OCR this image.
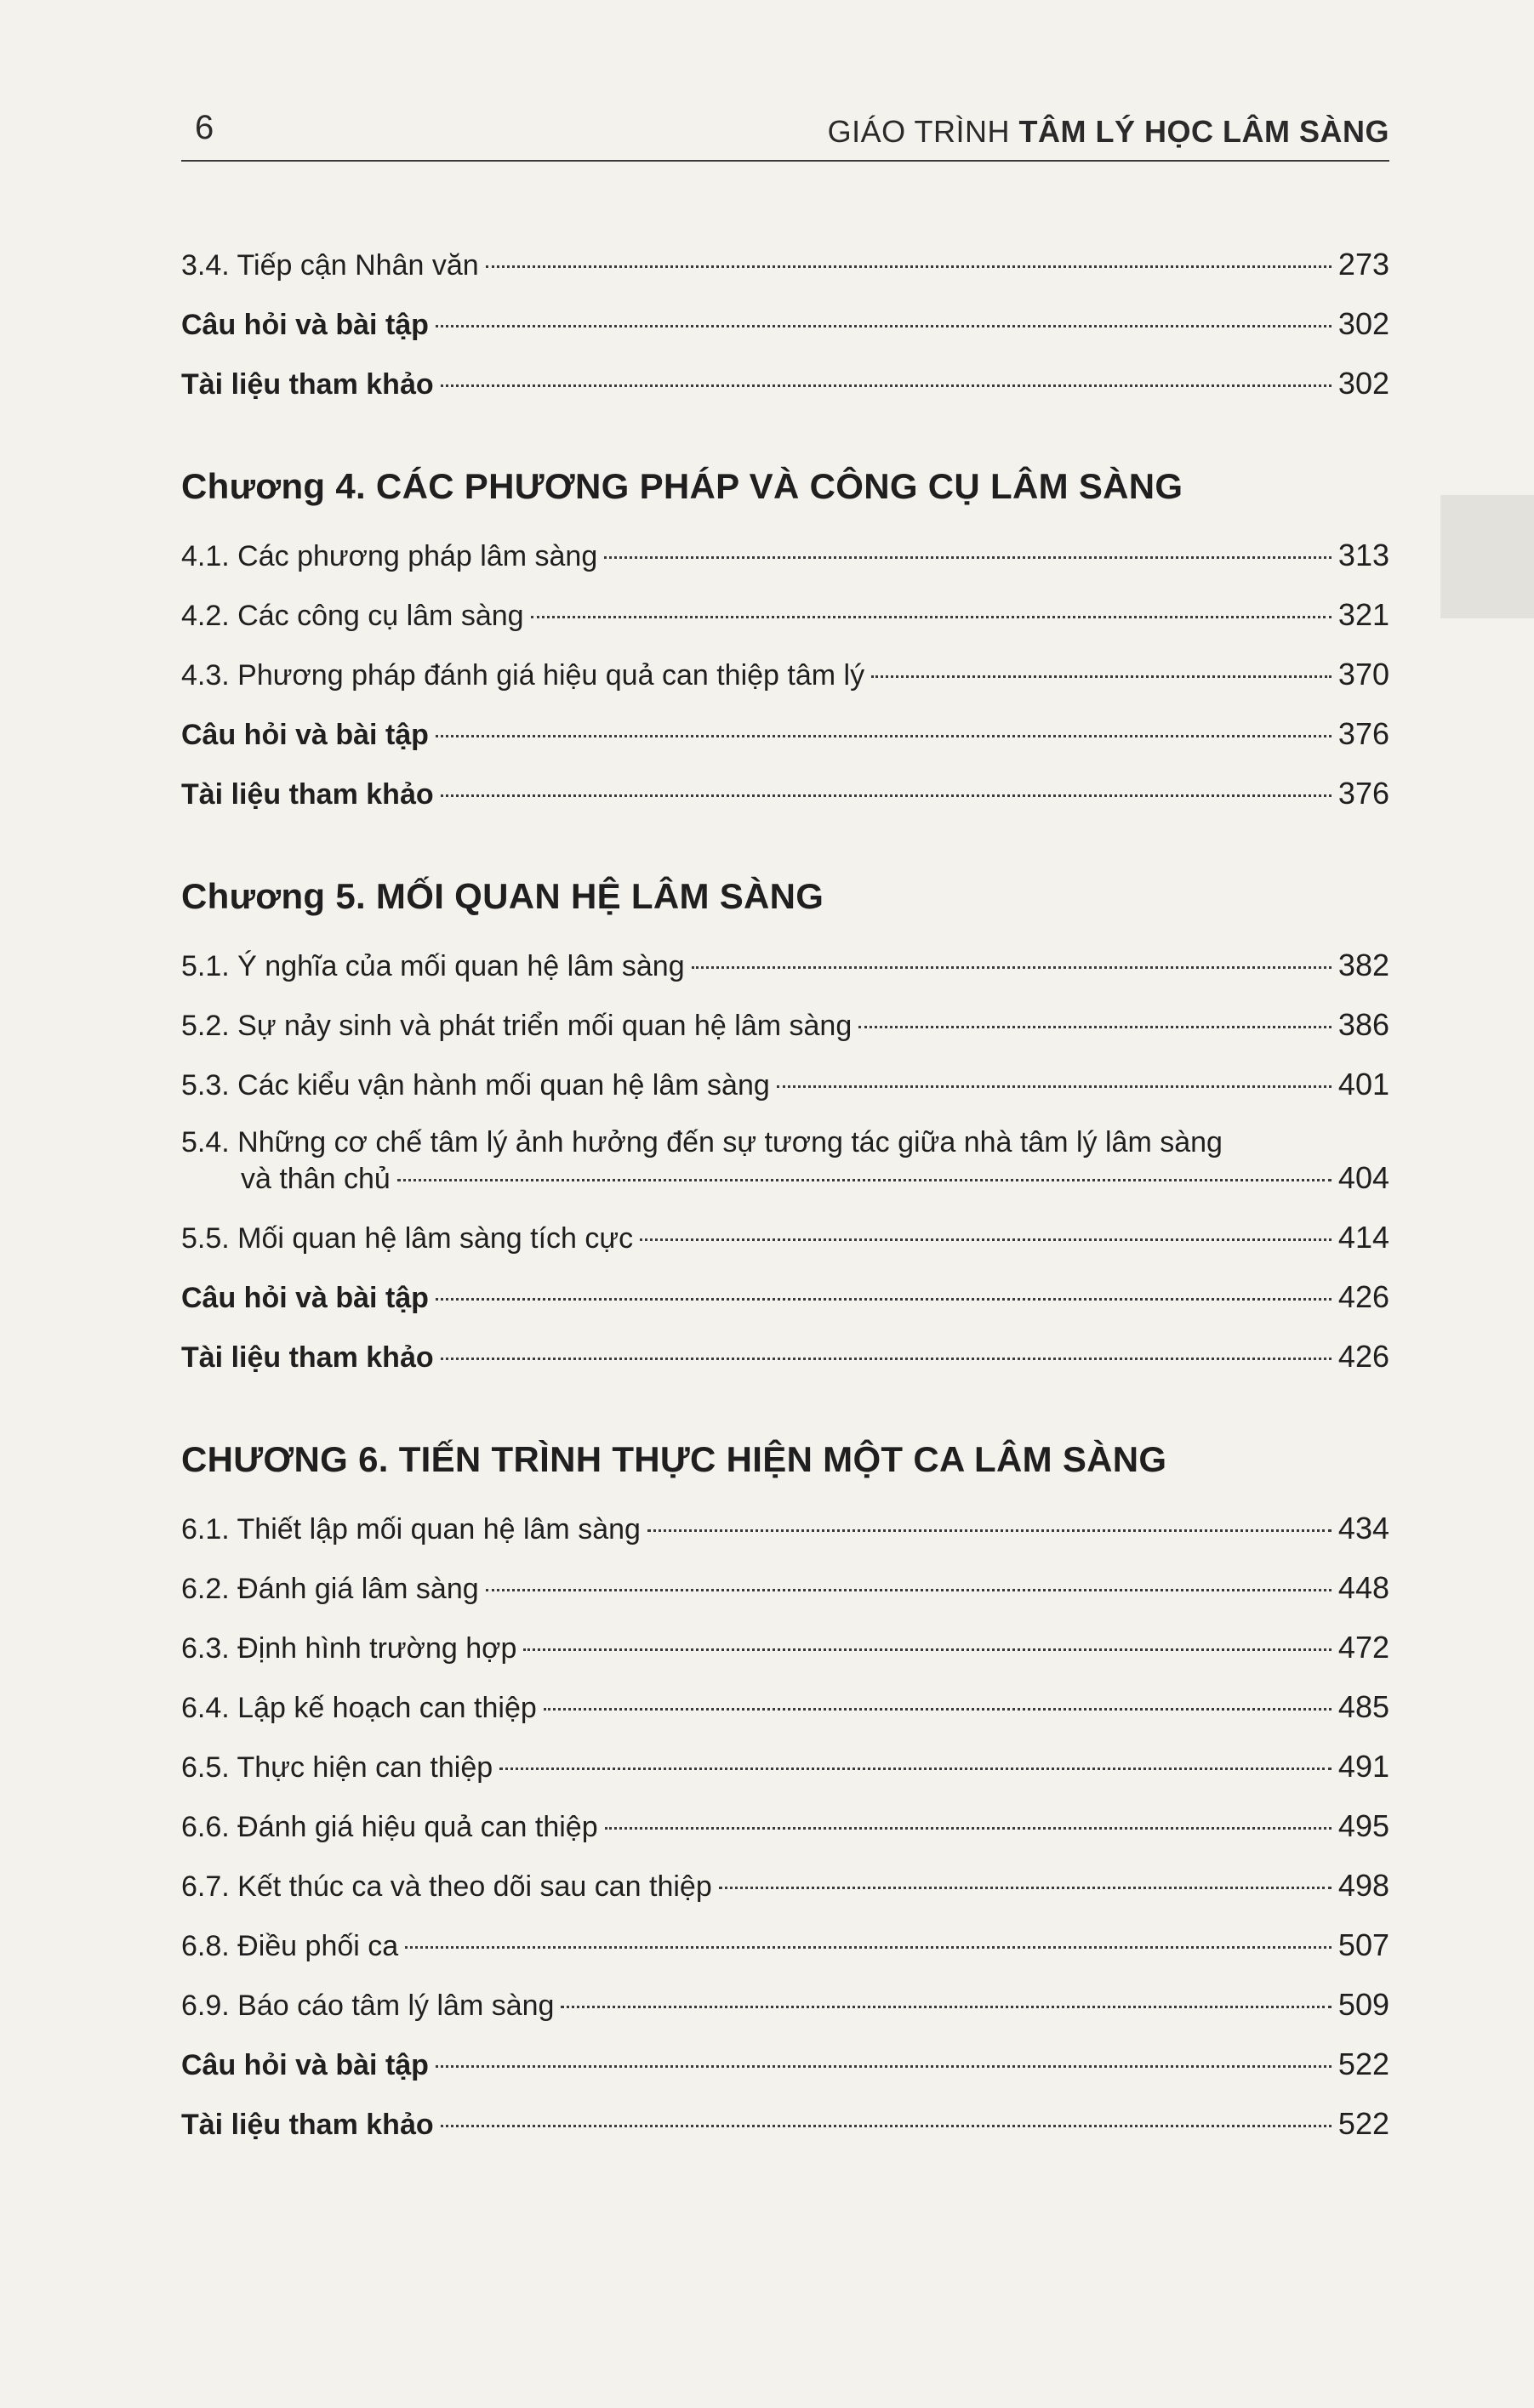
6	GIÁO TRÌNH TÂM LÝ HỌC LÂM SÀNG
3.4. Tiếp cận Nhân văn	273
Câu hỏi và bài tập	302
Tài liệu tham khảo	302
Chương 4. CÁC PHƯƠNG PHÁP VÀ CÔNG CỤ LÂM SÀNG
4.1. Các phương pháp lâm sàng	313
4.2. Các công cụ lâm sàng	321
4.3. Phương pháp đánh giá hiệu quả can thiệp tâm lý	370
Câu hỏi và bài tập	376
Tài liệu tham khảo	376
Chương 5. MỐI QUAN HỆ LÂM SÀNG
5.1. Ý nghĩa của mối quan hệ lâm sàng	382
5.2. Sự nảy sinh và phát triển mối quan hệ lâm sàng	386
5.3. Các kiểu vận hành mối quan hệ lâm sàng	401
5.4. Những cơ chế tâm lý ảnh hưởng đến sự tương tác giữa nhà tâm lý lâm sàng
và thân chủ	404
5.5. Mối quan hệ lâm sàng tích cực	414
Câu hỏi và bài tập	426
Tài liệu tham khảo	426
CHƯƠNG 6. TIẾN TRÌNH THỰC HIỆN MỘT CA LÂM SÀNG
6.1. Thiết lập mối quan hệ lâm sàng	434
6.2. Đánh giá lâm sàng	448
6.3. Định hình trường hợp	472
6.4. Lập kế hoạch can thiệp	485
6.5. Thực hiện can thiệp	491
6.6. Đánh giá hiệu quả can thiệp	495
6.7. Kết thúc ca và theo dõi sau can thiệp	498
6.8. Điều phối ca	507
6.9. Báo cáo tâm lý lâm sàng	509
Câu hỏi và bài tập	522
Tài liệu tham khảo	522
